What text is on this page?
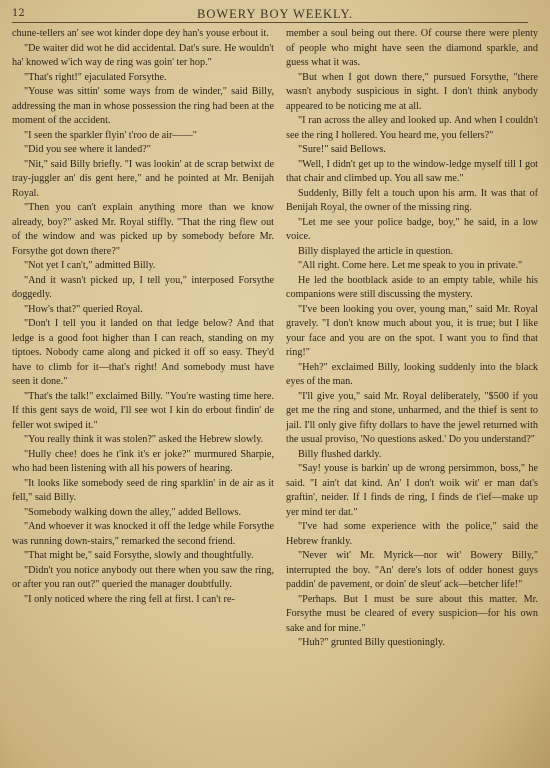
12	BOWERY BOY WEEKLY.

chune-tellers an' see wot kinder dope dey han's youse erbout it.

"De waiter did wot he did accidental. Dat's sure. He wouldn't ha' knowed w'ich way de ring was goin' ter hop."

"That's right!" ejaculated Forsythe.

"Youse was sittin' some ways from de winder," said Billy, addressing the man in whose possession the ring had been at the moment of the accident.

"I seen the sparkler flyin' t'roo de air——"

"Did you see where it landed?"

"Nit," said Billy briefly. "I was lookin' at de scrap betwixt de tray-juggler an' dis gent here," and he pointed at Mr. Benijah Royal.

"Then you can't explain anything more than we know already, boy?" asked Mr. Royal stiffly. "That the ring flew out of the window and was picked up by somebody before Mr. Forsythe got down there?"

"Not yet I can't," admitted Billy.

"And it wasn't picked up, I tell you," interposed Forsythe doggedly.

"How's that?" queried Royal.

"Don't I tell you it landed on that ledge below? And that ledge is a good foot higher than I can reach, standing on my tiptoes. Nobody came along and picked it off so easy. They'd have to climb for it—that's right! And somebody must have seen it done."

"That's the talk!" exclaimed Billy. "You're wasting time here. If this gent says de woid, I'll see wot I kin do erbout findin' de feller wot swiped it."

"You really think it was stolen?" asked the Hebrew slowly.

"Hully chee! does he t'ink it's er joke?" murmured Sharpie, who had been listening with all his powers of hearing.

"It looks like somebody seed de ring sparklin' in de air as it fell," said Billy.

"Somebody walking down the alley," added Bellows.

"And whoever it was knocked it off the ledge while Forsythe was running down-stairs," remarked the second friend.

"That might be," said Forsythe, slowly and thoughtfully.

"Didn't you notice anybody out there when you saw the ring, or after you ran out?" queried the manager doubtfully.

"I only noticed where the ring fell at first. I can't re-

member a soul being out there. Of course there were plenty of people who might have seen the diamond sparkle, and guess what it was.

"But when I got down there," pursued Forsythe, "there wasn't anybody suspicious in sight. I don't think anybody appeared to be noticing me at all.

"I ran across the alley and looked up. And when I couldn't see the ring I hollered. You heard me, you fellers?"

"Sure!" said Bellows.

"Well, I didn't get up to the window-ledge myself till I got that chair and climbed up. You all saw me."

Suddenly, Billy felt a touch upon his arm. It was that of Benijah Royal, the owner of the missing ring.

"Let me see your police badge, boy," he said, in a low voice.

Billy displayed the article in question.

"All right. Come here. Let me speak to you in private."

He led the bootblack aside to an empty table, while his companions were still discussing the mystery.

"I've been looking you over, young man," said Mr. Royal gravely. "I don't know much about you, it is true; but I like your face and you are on the spot. I want you to find that ring!"

"Heh?" exclaimed Billy, looking suddenly into the black eyes of the man.

"I'll give you," said Mr. Royal deliberately, "$500 if you get me the ring and stone, unharmed, and the thief is sent to jail. I'll only give fifty dollars to have the jewel returned with the usual proviso, 'No questions asked.' Do you understand?"

Billy flushed darkly.

"Say! youse is barkin' up de wrong persimmon, boss," he said. "I ain't dat kind. An' I don't woik wit' er man dat's graftin', neider. If I finds de ring, I finds de t'ief—make up yer mind ter dat."

"I've had some experience with the police," said the Hebrew frankly.

"Never wit' Mr. Myrick—nor wit' Bowery Billy," interrupted the boy. "An' dere's lots of odder honest guys paddin' de pavement, or doin' de sleut' ack—betcher life!"

"Perhaps. But I must be sure about this matter. Mr. Forsythe must be cleared of every suspicion—for his own sake and for mine."

"Huh?" grunted Billy questioningly.
